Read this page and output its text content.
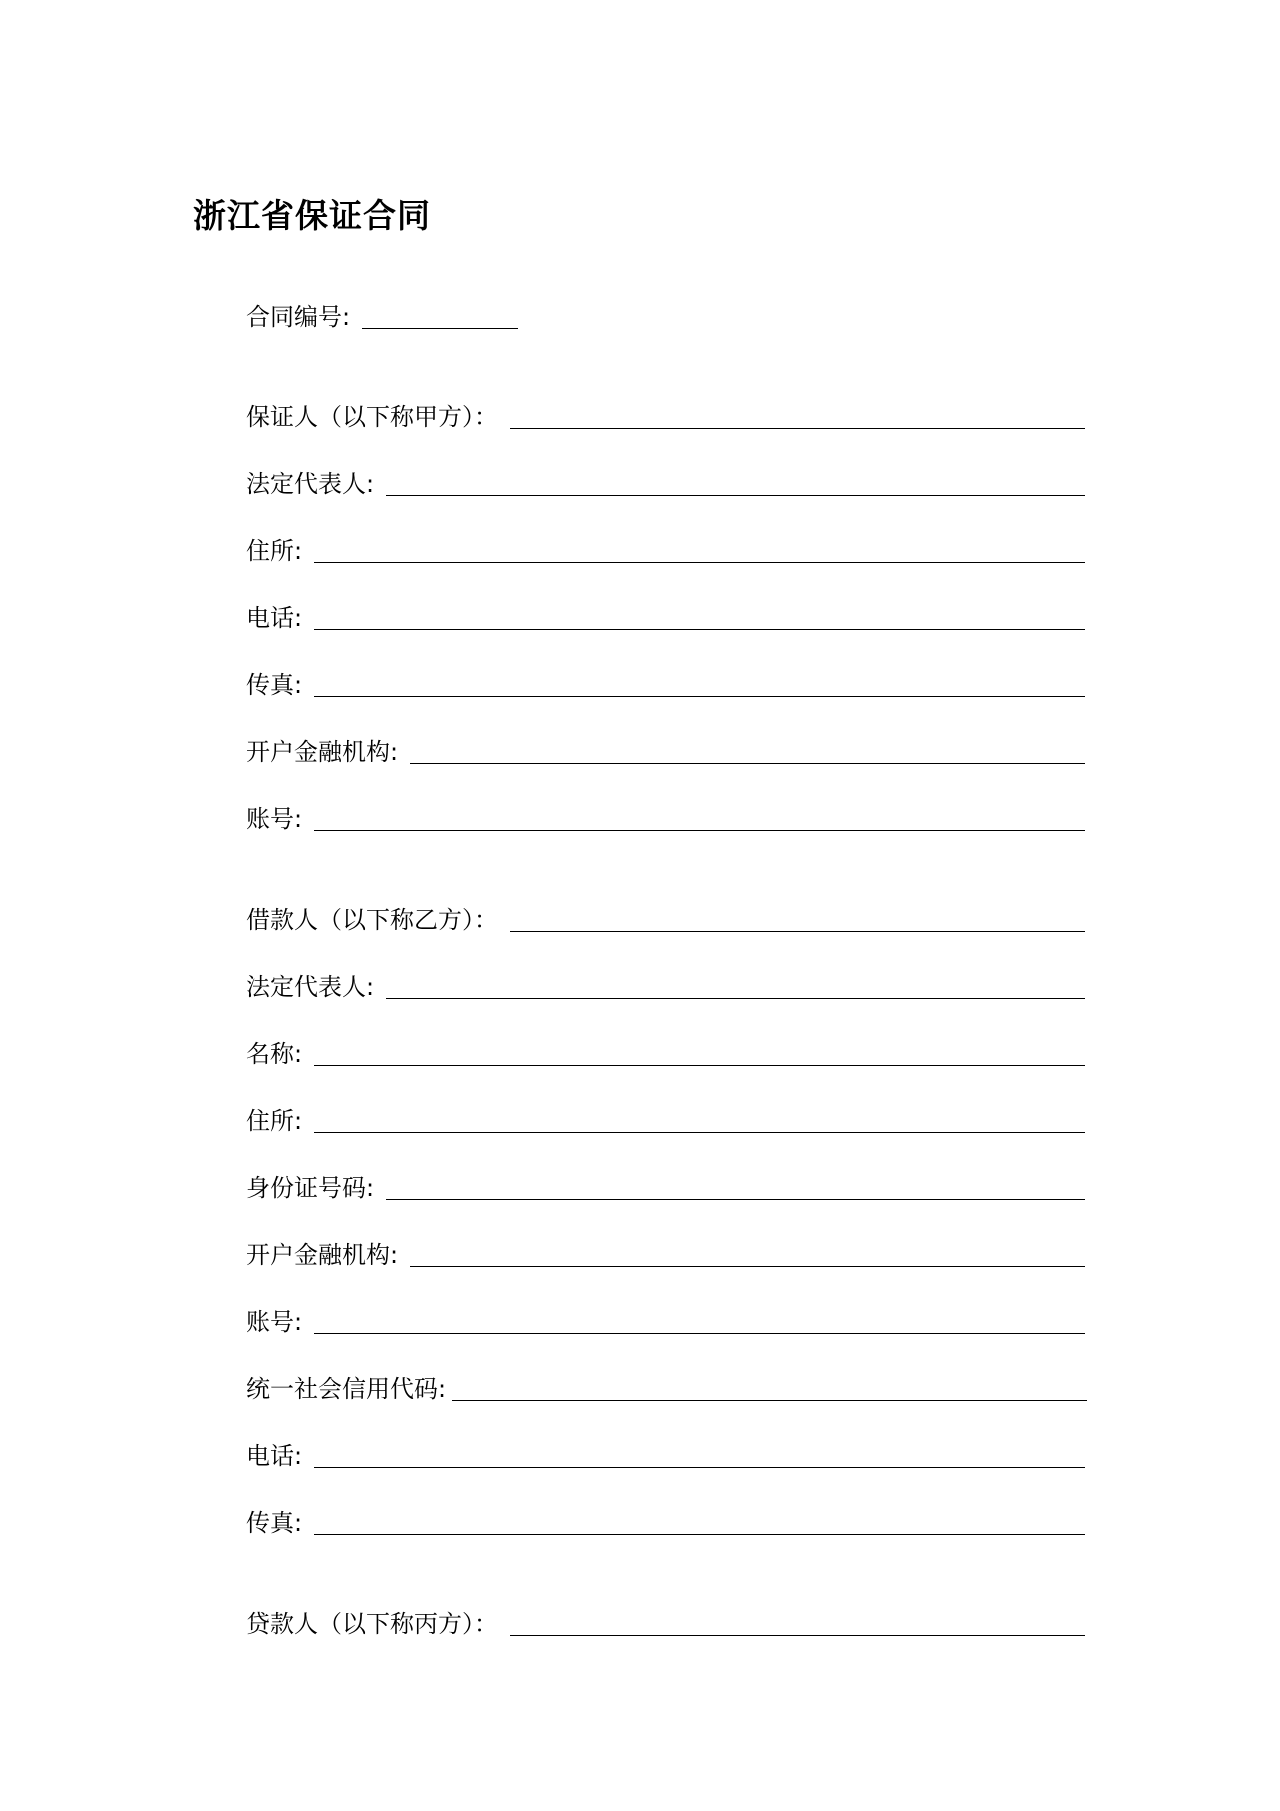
浙江省保证合同
合同编号:
保证人（以下称甲方）：
法定代表人:
住所:
电话:
传真:
开户金融机构:
账号:
借款人（以下称乙方）：
法定代表人:
名称:
住所:
身份证号码:
开户金融机构:
账号:
统一社会信用代码:
电话:
传真:
贷款人（以下称丙方）：
